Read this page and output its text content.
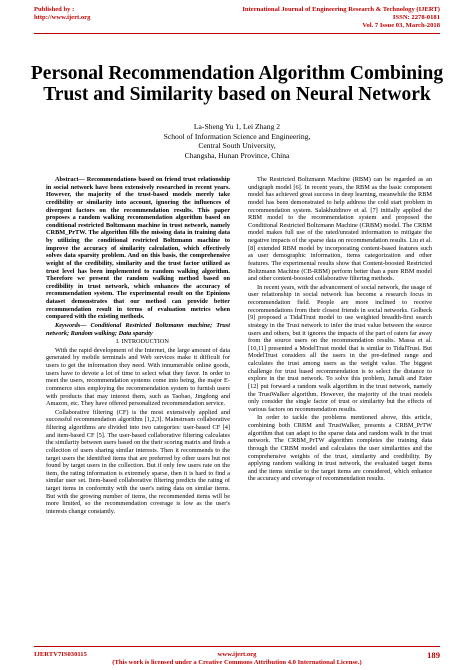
Published by :
http://www.ijert.org
International Journal of Engineering Research & Technology (IJERT)
ISSN: 2278-0181
Vol. 7 Issue 03, March-2018
Personal Recommendation Algorithm Combining
Trust and Similarity based on Neural Network
La-Sheng Yu 1, Lei Zhang 2
School of Information Science and Engineering,
Central South University,
Changsha, Hunan Province, China

Abstract— Recommendations based on friend trust relationship in social network have been extensively researched in recent years. However, the majority of the trust-based models merely take credibility or similarity into account, ignoring the influences of divergent factors on the recommendation results. This paper proposes a random walking recommendation algorithm based on conditional restricted Boltzmann machine in trust network, namely CRBM_PrTW. The algorithm fills the missing data in training data by utilizing the conditional restricted Boltzmann machine to improve the accuracy of similarity calculation, which effectively solves data sparsity problem. And on this basis, the comprehensive weight of the credibility, similarity and the trust factor utilized as trust level has been implemented to random walking algorithm. Therefore we present the random walking method based on credibility in trust network, which enhances the accuracy of recommendation system. The experimental result on the Epinions dataset demonstrates that our method can provide better recommendation result in terms of evaluation metrics when compared with the existing methods.

Keywords— Conditional Restricted Boltzmann machine; Trust network; Random walking; Data sparsity

I. INTRODUCTION

With the rapid development of the Internet, the large amount of data generated by mobile terminals and Web services make it difficult for users to get the information they need. With innumerable online goods, users have to devote a lot of time to select what they favor. In order to meet the users, recommendation systems come into being, the major E-commerce sites employing the recommendation system to furnish users with products that may interest them, such as Taobao, Jingdong and Amazon, etc. They have offered personalized recommendation service.

Collaborative filtering (CF) is the most extensively applied and successful recommendation algorithm [1,2,3]. Mainstream collaborative filtering algorithms are divided into two categories: user-based CF [4] and item-based CF [5]. The user-based collaborative filtering calculates the similarity between users based on the their scoring matrix and finds a collection of users sharing similar interests. Then it recommends to the target users the identified items that are preferred by other users but not found by target users in the collection. But if only few users rate on the item, the rating information is extremely sparse, then it is hard to find a similar user set. Item-based collaborative filtering predicts the rating of target items in conformity with the user's rating data on similar items. But with the growing number of items, the recommended items will be more limited, so the recommendation coverage is low as the user's interests change constantly.

The Restricted Boltzmann Machine (RBM) can be regarded as an undigraph model [6]. In recent years, the RBM as the basic component model has achieved great success in deep learning, meanwhile the RBM model has been demonstrated to help address the cold start problem in recommendation system. Salakhutdinov et al. [7] initially applied the RBM model to the recommendation system and proposed the Conditional Restricted Boltzmann Machine (CRBM) model. The CRBM model makes full use of the rated/unrated information to mitigate the negative impacts of the sparse data on recommendation results. Liu et al. [8] extended RBM model by incorporating content-based features such as user demographic information, items categorization and other features. The experimental results show that Content-boosted Restricted Boltzmann Machine (CB-RBM) perform better than a pure RBM model and other content-boosted collaborative filtering methods.

In recent years, with the advancement of social network, the usage of user relationship in social network has become a research focus in recommendation field. People are more inclined to receive recommendations from their closest friends in social networks. Golbeck [9] proposed a TidalTrust model to use weighted breadth-first search strategy in the Trust network to infer the trust value between the source users and others, but it ignores the impacts of the part of raters far away from the source users on the recommendation results. Massa et al. [10,11] presented a ModelTrust model that is similar to TidalTrust. But ModelTrust considers all the users in the pre-defined range and calculates the trust among users as the weight value. The biggest challenge for trust based recommendation is to select the distance to explore in the trust network. To solve this problem, Jamali and Ester [12] put forward a random walk algorithm in the trust network, namely the TrustWalker algorithm. However, the majority of the trust models only consider the single factor of trust or similarity but the effects of various factors on recommendation results.

In order to tackle the problems mentioned above, this article, combining both CRBM and TrustWalker, presents a CRBM_PrTW algorithm that can adapt to the sparse data and random walk in the trust network. The CRBM_PrTW algorithm completes the training data through the CRBM model and calculates the user similarities and the comprehensive weights of the trust, similarity and credibility. By applying random walking in trust network, the evaluated target items and the items similar to the target items are considered, which enhance the accuracy and coverage of recommendation results.

IJERTV7IS030115	www.ijert.org
(This work is licensed under a Creative Commons Attribution 4.0 International License.)
189
